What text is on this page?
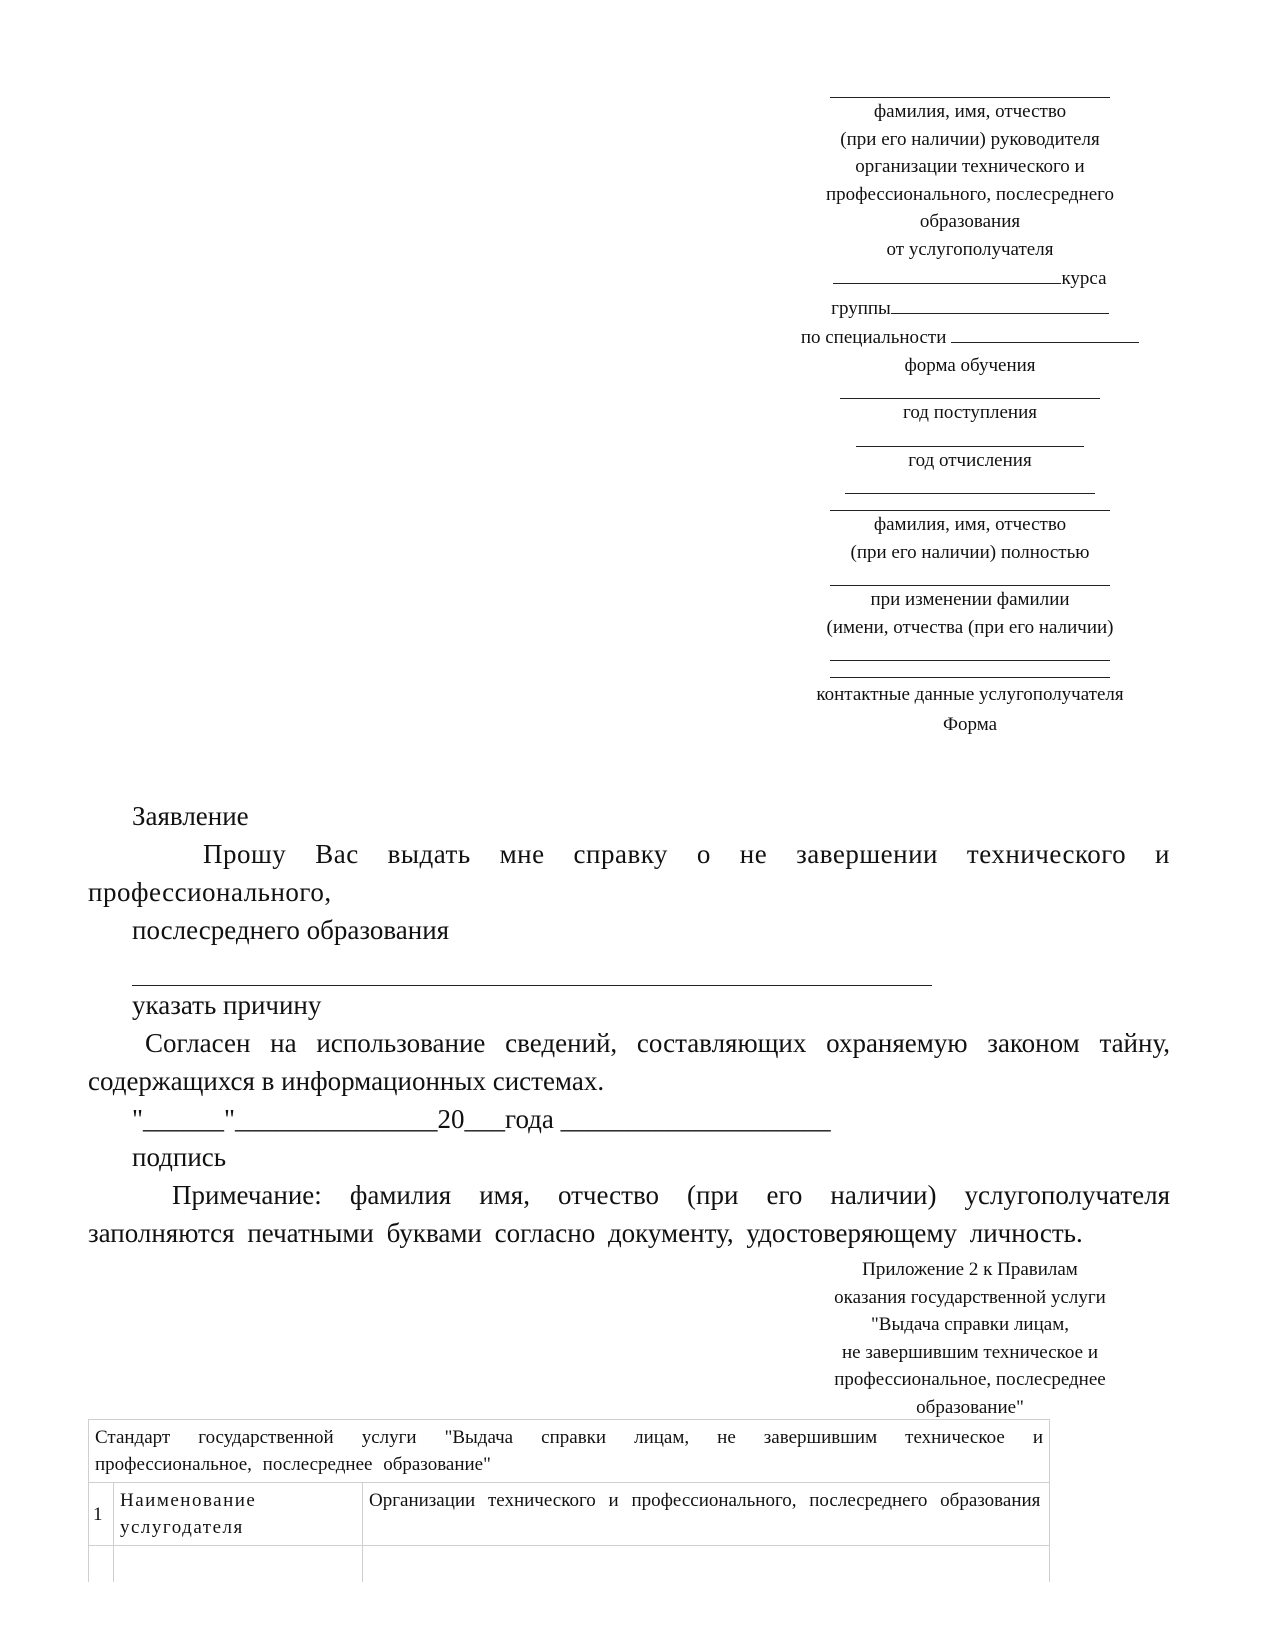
фамилия, имя, отчество
(при его наличии) руководителя
организации технического и
профессионального, послесреднего
образования
от услугополучателя
курса
группы
по специальности
форма обучения
год поступления
год отчисления
фамилия, имя, отчество
(при его наличии) полностью
при изменении фамилии
(имени, отчества (при его наличии)
контактные данные услугополучателя
Форма
Заявление
Прошу Вас выдать мне справку о не завершении технического и профессионального,
послесреднего образования
указать причину
Согласен на использование сведений, составляющих охраняемую законом тайну, содержащихся в информационных системах.
"______"_______________20___года ____________________
подпись
Примечание: фамилия имя, отчество (при его наличии) услугополучателя заполняются печатными буквами согласно документу, удостоверяющему личность.
Приложение 2 к Правилам
оказания государственной услуги
"Выдача справки лицам,
не завершившим техническое и
профессиональное, послесреднее
образование"
Стандарт государственной услуги "Выдача справки лицам, не завершившим техническое и профессиональное, послесреднее образование"		
1	Наименование услугодателя	Организации технического и профессионального, послесреднего образования
